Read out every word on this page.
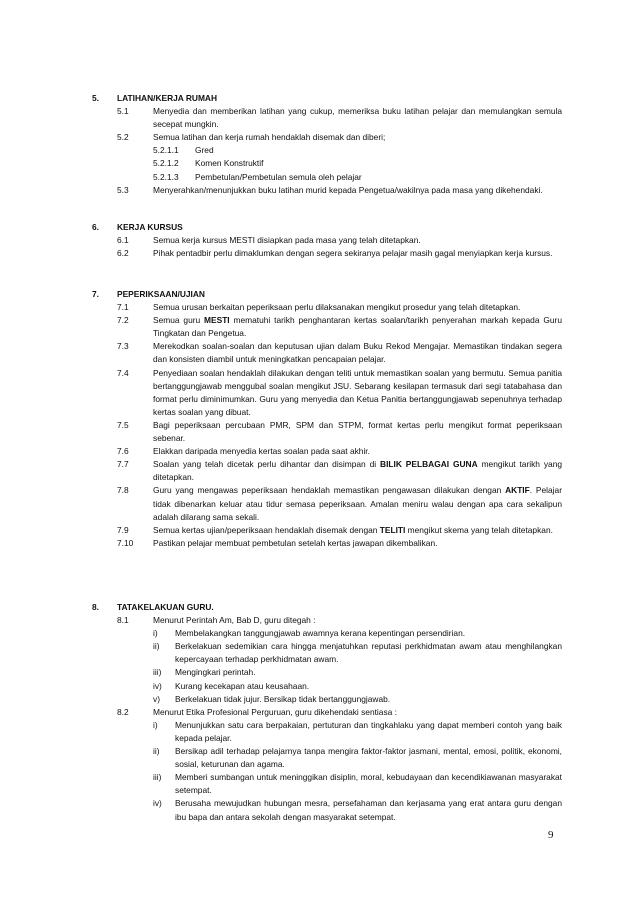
5.	LATIHAN/KERJA RUMAH
5.1	Menyedia dan memberikan latihan yang cukup, memeriksa buku latihan pelajar dan memulangkan semula secepat mungkin.
5.2	Semua latihan dan kerja rumah hendaklah disemak dan diberi;
5.2.1.1	Gred
5.2.1.2	Komen Konstruktif
5.2.1.3	Pembetulan/Pembetulan semula oleh pelajar
5.3	Menyerahkan/menunjukkan buku latihan murid kepada Pengetua/wakilnya pada masa yang dikehendaki.
6.	KERJA KURSUS
6.1	Semua kerja kursus MESTI disiapkan pada masa yang telah ditetapkan.
6.2	Pihak pentadbir perlu dimaklumkan dengan segera sekiranya pelajar masih gagal menyiapkan kerja kursus.
7.	PEPERIKSAAN/UJIAN
7.1	Semua urusan berkaitan peperiksaan perlu dilaksanakan mengikut prosedur yang telah ditetapkan.
7.2	Semua guru MESTI mematuhi tarikh penghantaran kertas soalan/tarikh penyerahan markah kepada Guru Tingkatan dan Pengetua.
7.3	Merekodkan soalan-soalan dan keputusan ujian dalam Buku Rekod Mengajar. Memastikan tindakan segera dan konsisten diambil untuk meningkatkan pencapaian pelajar.
7.4	Penyediaan soalan hendaklah dilakukan dengan teliti untuk memastikan soalan yang bermutu. Semua panitia bertanggungjawab menggubal soalan mengikut JSU. Sebarang kesilapan termasuk dari segi tatabahasa dan format perlu diminimumkan. Guru yang menyedia dan Ketua Panitia bertanggungjawab sepenuhnya terhadap kertas soalan yang dibuat.
7.5	Bagi peperiksaan percubaan PMR, SPM dan STPM, format kertas perlu mengikut format peperiksaan sebenar.
7.6	Elakkan daripada menyedia kertas soalan pada saat akhir.
7.7	Soalan yang telah dicetak perlu dihantar dan disimpan di BILIK PELBAGAI GUNA mengikut tarikh yang ditetapkan.
7.8	Guru yang mengawas peperiksaan hendaklah memastikan pengawasan dilakukan dengan AKTIF. Pelajar tidak dibenarkan keluar atau tidur semasa peperiksaan. Amalan meniru walau dengan apa cara sekalipun adalah dilarang sama sekali.
7.9	Semua kertas ujian/peperiksaan hendaklah disemak dengan TELITI mengikut skema yang telah ditetapkan.
7.10	Pastikan pelajar membuat pembetulan setelah kertas jawapan dikembalikan.
8.	TATAKELAKUAN GURU.
8.1	Menurut Perintah Am, Bab D, guru ditegah :
i)	Membelakangkan tanggungjawab awamnya kerana kepentingan persendirian.
ii)	Berkelakuan sedemikian cara hingga menjatuhkan reputasi perkhidmatan awam atau menghilangkan kepercayaan terhadap perkhidmatan awam.
iii)	Mengingkari perintah.
iv)	Kurang kecekapan atau keusahaan.
v)	Berkelakuan tidak jujur. Bersikap tidak bertanggungjawab.
8.2	Menurut Etika Profesional Perguruan, guru dikehendaki sentiasa :
i)	Menunjukkan satu cara berpakaian, pertuturan dan tingkahlaku yang dapat memberi contoh yang baik kepada pelajar.
ii)	Bersikap adil terhadap pelajarnya tanpa mengira faktor-faktor jasmani, mental, emosi, politik, ekonomi, sosial, keturunan dan agama.
iii)	Memberi sumbangan untuk meninggikan disiplin, moral, kebudayaan dan kecendikiawanan masyarakat setempat.
iv)	Berusaha mewujudkan hubungan mesra, persefahaman dan kerjasama yang erat antara guru dengan ibu bapa dan antara sekolah dengan masyarakat setempat.
9
